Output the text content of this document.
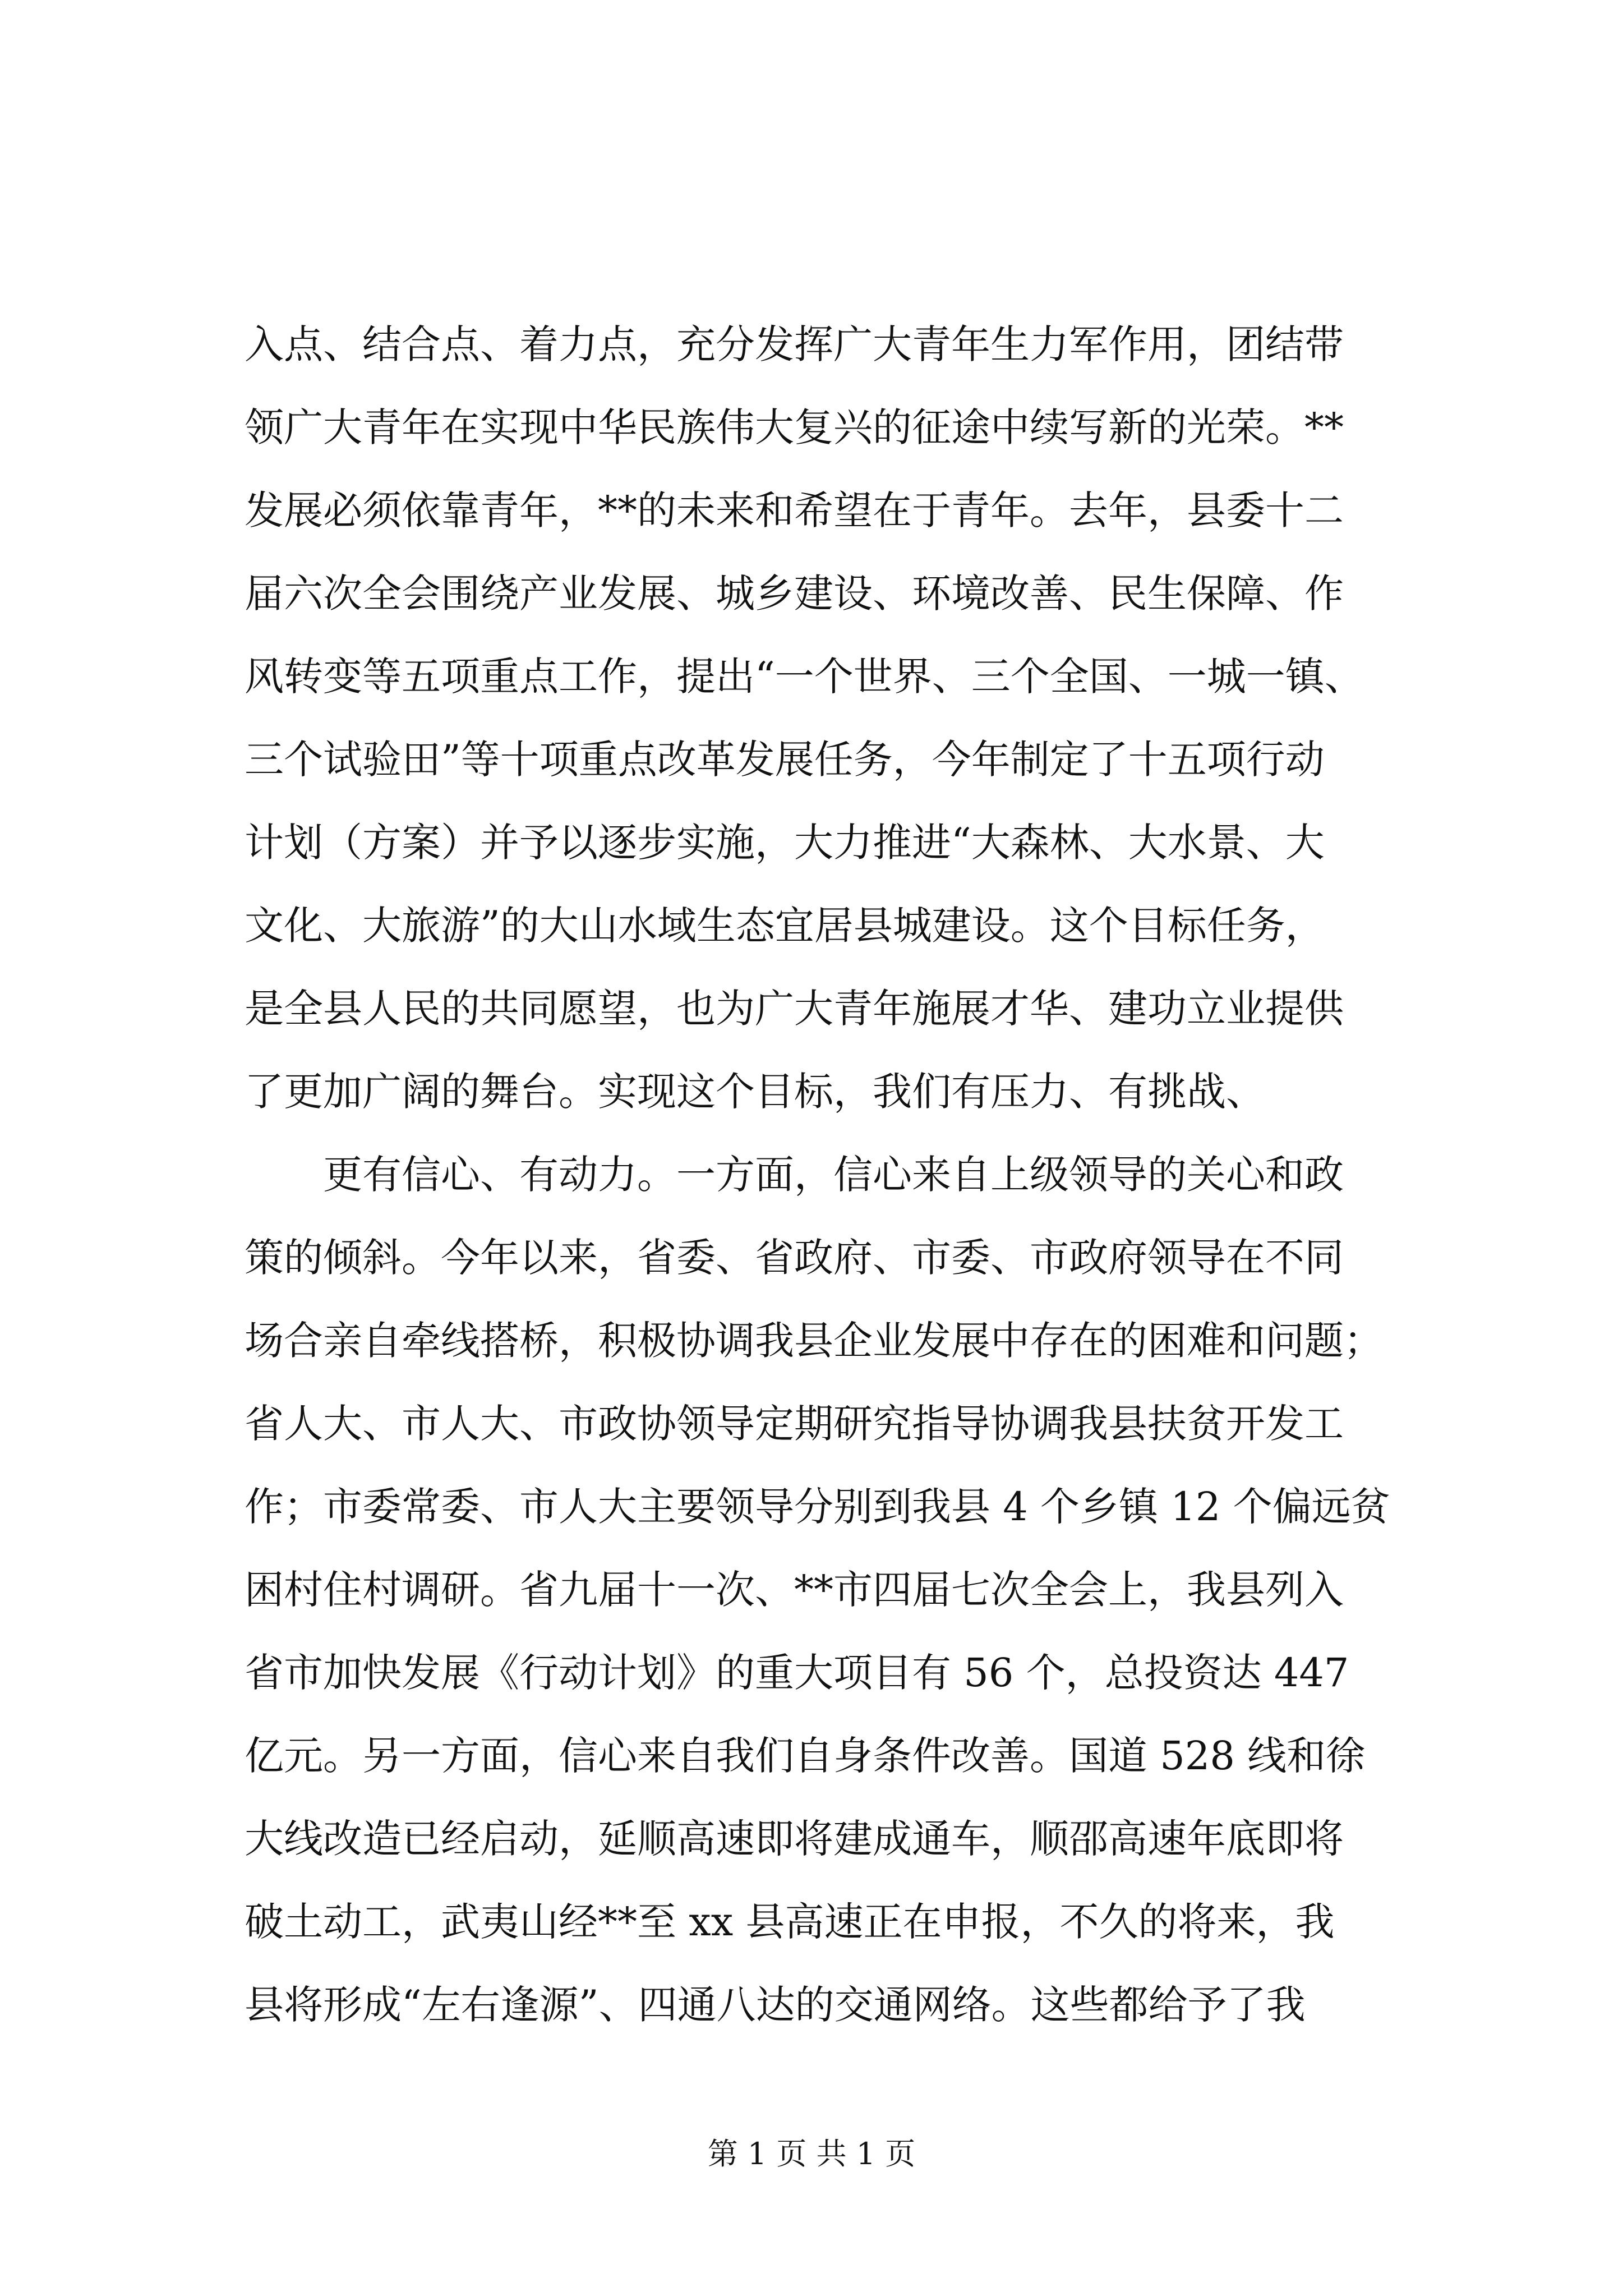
入点、结合点、着力点，充分发挥广大青年生力军作用，团结带
领广大青年在实现中华民族伟大复兴的征途中续写新的光荣。**
发展必须依靠青年，**的未来和希望在于青年。去年，县委十二
届六次全会围绕产业发展、城乡建设、环境改善、民生保障、作
风转变等五项重点工作，提出“一个世界、三个全国、一城一镇、
三个试验田”等十项重点改革发展任务，今年制定了十五项行动
计划（方案）并予以逐步实施，大力推进“大森林、大水景、大
文化、大旅游”的大山水域生态宜居县城建设。这个目标任务，
是全县人民的共同愿望，也为广大青年施展才华、建功立业提供
了更加广阔的舞台。实现这个目标，我们有压力、有挑战、
更有信心、有动力。一方面，信心来自上级领导的关心和政
策的倾斜。今年以来，省委、省政府、市委、市政府领导在不同
场合亲自牵线搭桥，积极协调我县企业发展中存在的困难和问题；
省人大、市人大、市政协领导定期研究指导协调我县扶贫开发工
作；市委常委、市人大主要领导分别到我县 4 个乡镇 12 个偏远贫
困村住村调研。省九届十一次、**市四届七次全会上，我县列入
省市加快发展《行动计划》的重大项目有 56 个，总投资达 447
亿元。另一方面，信心来自我们自身条件改善。国道 528 线和徐
大线改造已经启动，延顺高速即将建成通车，顺邵高速年底即将
破土动工，武夷山经**至 xx 县高速正在申报，不久的将来，我
县将形成“左右逢源”、四通八达的交通网络。这些都给予了我
第 1 页 共 1 页
